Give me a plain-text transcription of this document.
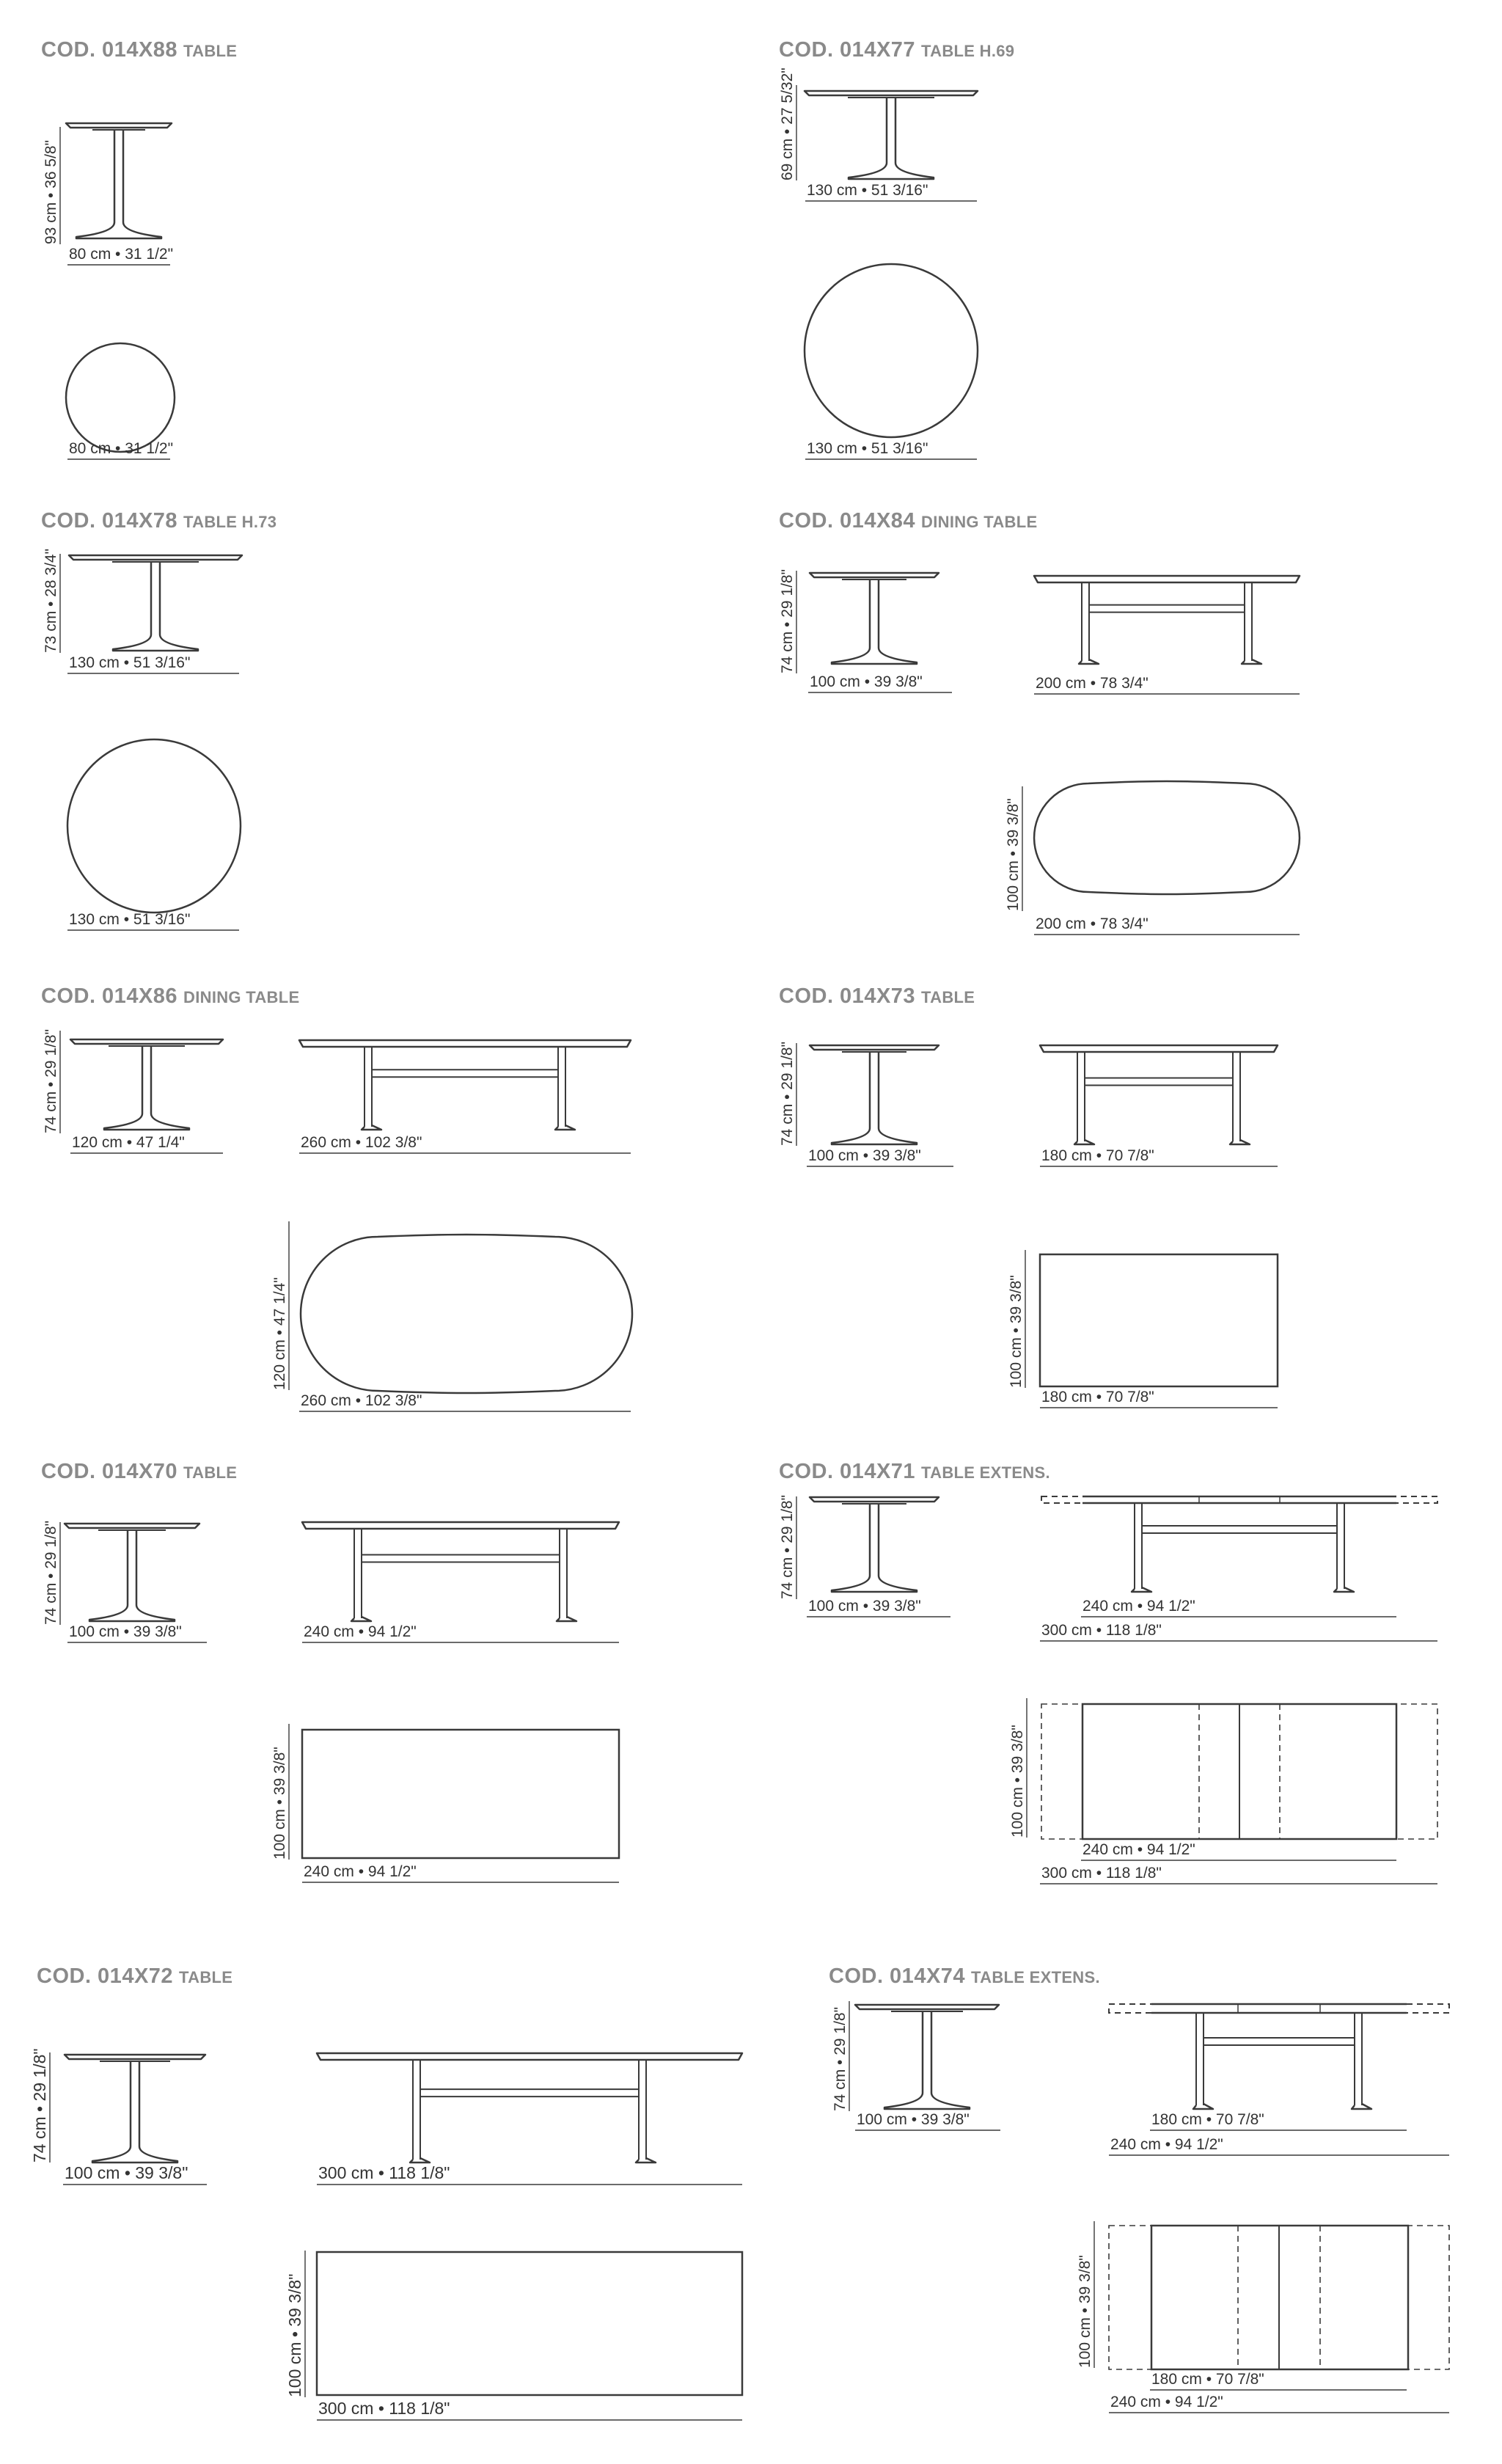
COD. 014X88 TABLE	COD. 014X77 TABLE H.69
COD. 014X78 TABLE H.73	COD. 014X84 DINING TABLE
COD. 014X86 DINING TABLE	COD. 014X73 TABLE
COD. 014X70 TABLE	COD. 014X71 TABLE EXTENS.
COD. 014X72 TABLE	COD. 014X74 TABLE EXTENS.
93 cm • 36 5/8"
80 cm • 31 1/2"
80 cm • 31 1/2"
69 cm • 27 5/32"
130 cm • 51 3/16"
130 cm • 51 3/16"
73 cm • 28 3/4"
130 cm • 51 3/16"
130 cm • 51 3/16"
74 cm • 29 1/8"
100 cm • 39 3/8"	200 cm • 78 3/4"
100 cm • 39 3/8"
200 cm • 78 3/4"
74 cm • 29 1/8"
120 cm • 47 1/4"	260 cm • 102 3/8"
120 cm • 47 1/4"
260 cm • 102 3/8"
74 cm • 29 1/8"
100 cm • 39 3/8"	180 cm • 70 7/8"
100 cm • 39 3/8"
180 cm • 70 7/8"
74 cm • 29 1/8"
100 cm • 39 3/8"	240 cm • 94 1/2"
100 cm • 39 3/8"
240 cm • 94 1/2"
74 cm • 29 1/8"
100 cm • 39 3/8"	240 cm • 94 1/2"
300 cm • 118 1/8"
100 cm • 39 3/8"
240 cm • 94 1/2"
300 cm • 118 1/8"
74 cm • 29 1/8"
100 cm • 39 3/8"	300 cm • 118 1/8"
100 cm • 39 3/8"
300 cm • 118 1/8"
74 cm • 29 1/8"
100 cm • 39 3/8"	180 cm • 70 7/8"
240 cm • 94 1/2"
100 cm • 39 3/8"
180 cm • 70 7/8"
240 cm • 94 1/2"
